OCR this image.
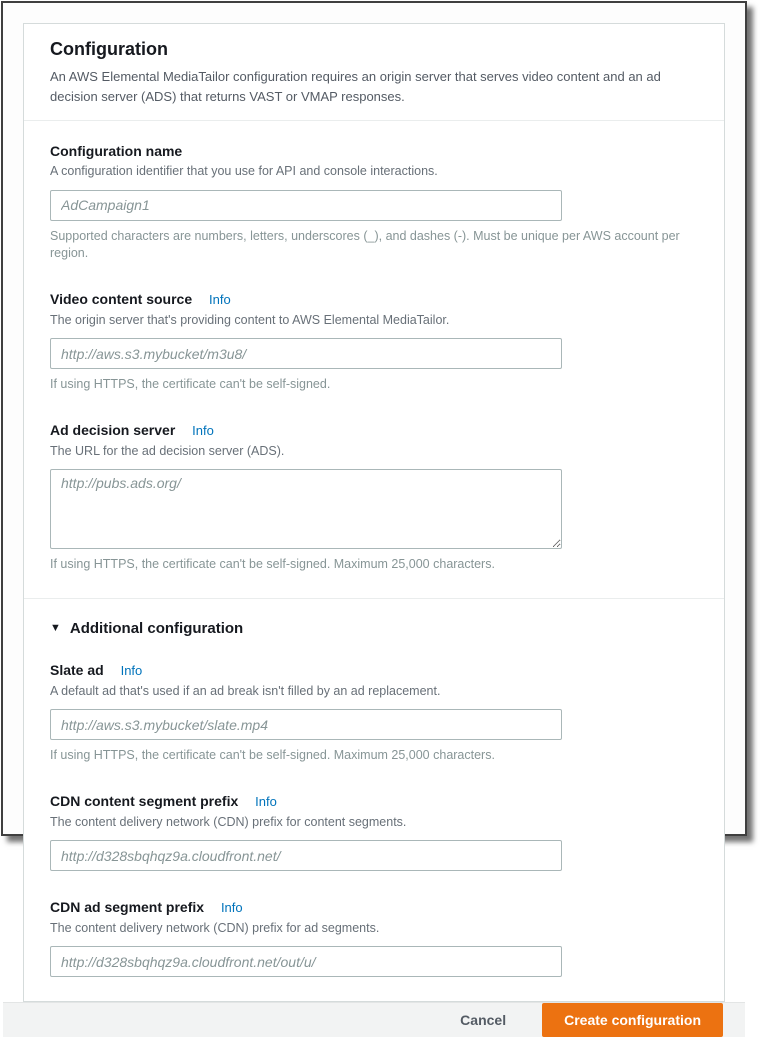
Configuration

An AWS Elemental MediaTailor configuration requires an origin server that serves video content and an ad decision server (ADS) that returns VAST or VMAP responses.

Configuration name
A configuration identifier that you use for API and console interactions.
AdCampaign1
Supported characters are numbers, letters, underscores (_), and dashes (-). Must be unique per AWS account per region.
Video content source Info
The origin server that's providing content to AWS Elemental MediaTailor.
http://aws.s3.mybucket/m3u8/
If using HTTPS, the certificate can't be self-signed.
Ad decision server Info
The URL for the ad decision server (ADS).
http://pubs.ads.org/
If using HTTPS, the certificate can't be self-signed. Maximum 25,000 characters.
▼ Additional configuration
Slate ad Info
A default ad that's used if an ad break isn't filled by an ad replacement.
http://aws.s3.mybucket/slate.mp4
If using HTTPS, the certificate can't be self-signed. Maximum 25,000 characters.
CDN content segment prefix Info
The content delivery network (CDN) prefix for content segments.
http://d328sbqhqz9a.cloudfront.net/
CDN ad segment prefix Info
The content delivery network (CDN) prefix for ad segments.
http://d328sbqhqz9a.cloudfront.net/out/u/
Cancel	Create configuration
